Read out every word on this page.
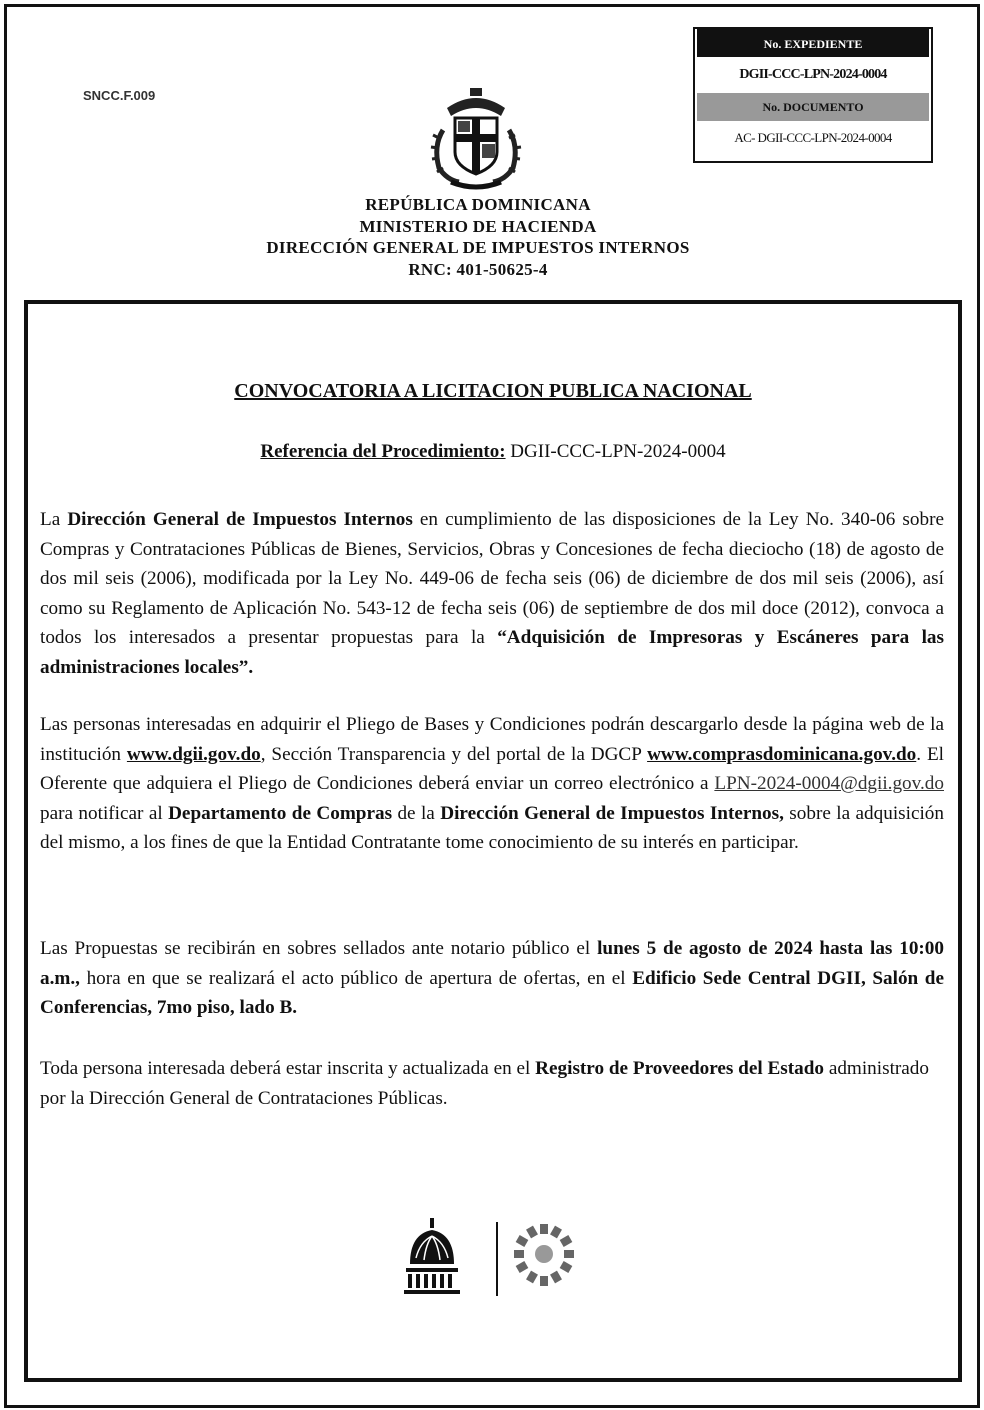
SNCC.F.009
No. EXPEDIENTE
DGII-CCC-LPN-2024-0004
No. DOCUMENTO
AC- DGII-CCC-LPN-2024-0004
REPÚBLICA DOMINICANA
MINISTERIO DE HACIENDA
DIRECCIÓN GENERAL DE IMPUESTOS INTERNOS
RNC: 401-50625-4
CONVOCATORIA A LICITACION PUBLICA NACIONAL
Referencia del Procedimiento: DGII-CCC-LPN-2024-0004
La Dirección General de Impuestos Internos en cumplimiento de las disposiciones de la Ley No. 340-06 sobre Compras y Contrataciones Públicas de Bienes, Servicios, Obras y Concesiones de fecha dieciocho (18) de agosto de dos mil seis (2006), modificada por la Ley No. 449-06 de fecha seis (06) de diciembre de dos mil seis (2006), así como su Reglamento de Aplicación No. 543-12 de fecha seis (06) de septiembre de dos mil doce (2012), convoca a todos los interesados a presentar propuestas para la “Adquisición de Impresoras y Escáneres para las administraciones locales”.
Las personas interesadas en adquirir el Pliego de Bases y Condiciones podrán descargarlo desde la página web de la institución www.dgii.gov.do, Sección Transparencia y del portal de la DGCP www.comprasdominicana.gov.do. El Oferente que adquiera el Pliego de Condiciones deberá enviar un correo electrónico a LPN-2024-0004@dgii.gov.do para notificar al Departamento de Compras de la Dirección General de Impuestos Internos, sobre la adquisición del mismo, a los fines de que la Entidad Contratante tome conocimiento de su interés en participar.
Las Propuestas se recibirán en sobres sellados ante notario público el lunes 5 de agosto de 2024 hasta las 10:00 a.m., hora en que se realizará el acto público de apertura de ofertas, en el Edificio Sede Central DGII, Salón de Conferencias, 7mo piso, lado B.
Toda persona interesada deberá estar inscrita y actualizada en el Registro de Proveedores del Estado administrado por la Dirección General de Contrataciones Públicas.
